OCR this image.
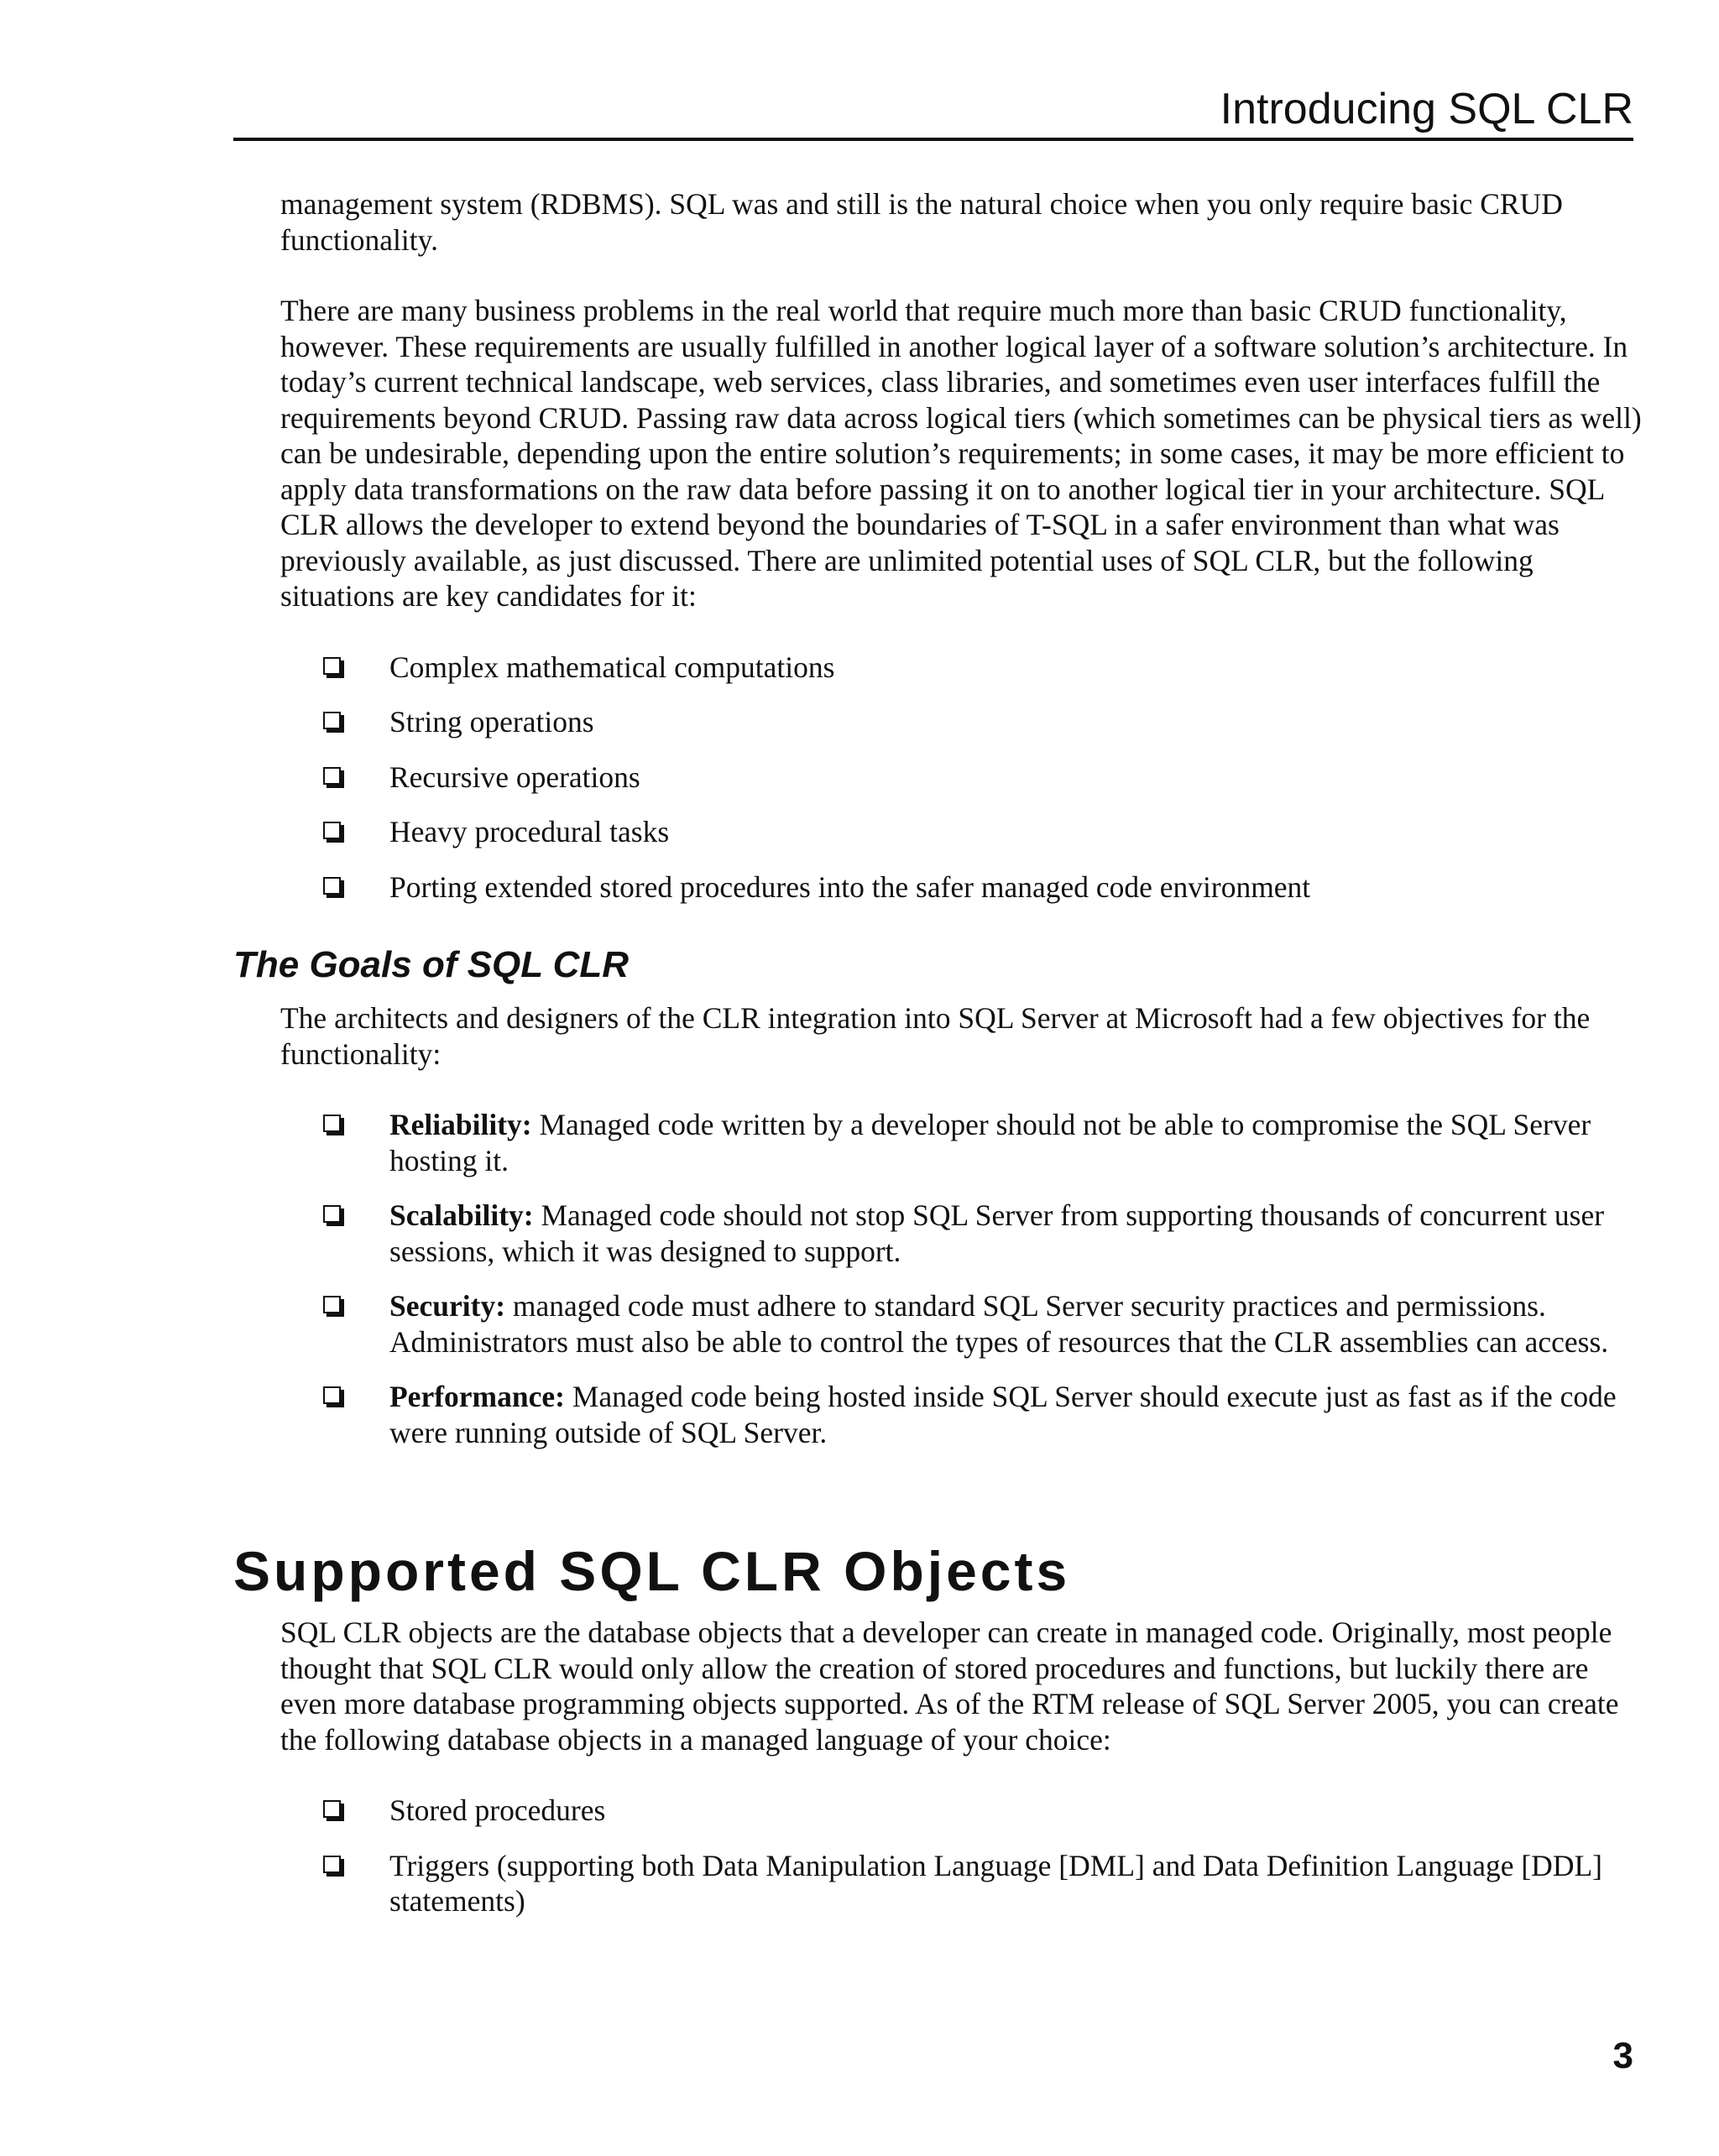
Introducing SQL CLR

management system (RDBMS). SQL was and still is the natural choice when you only require basic CRUD functionality.

There are many business problems in the real world that require much more than basic CRUD functionality, however. These requirements are usually fulfilled in another logical layer of a software solution’s architecture. In today’s current technical landscape, web services, class libraries, and sometimes even user interfaces fulfill the requirements beyond CRUD. Passing raw data across logical tiers (which sometimes can be physical tiers as well) can be undesirable, depending upon the entire solution’s requirements; in some cases, it may be more efficient to apply data transformations on the raw data before passing it on to another logical tier in your architecture. SQL CLR allows the developer to extend beyond the boundaries of T-SQL in a safer environment than what was previously available, as just discussed. There are unlimited potential uses of SQL CLR, but the following situations are key candidates for it:

Complex mathematical computations
String operations
Recursive operations
Heavy procedural tasks
Porting extended stored procedures into the safer managed code environment
The Goals of SQL CLR

The architects and designers of the CLR integration into SQL Server at Microsoft had a few objectives for the functionality:

Reliability: Managed code written by a developer should not be able to compromise the SQL Server hosting it.
Scalability: Managed code should not stop SQL Server from supporting thousands of concurrent user sessions, which it was designed to support.
Security: managed code must adhere to standard SQL Server security practices and permissions. Administrators must also be able to control the types of resources that the CLR assemblies can access.
Performance: Managed code being hosted inside SQL Server should execute just as fast as if the code were running outside of SQL Server.
Supported SQL CLR Objects

SQL CLR objects are the database objects that a developer can create in managed code. Originally, most people thought that SQL CLR would only allow the creation of stored procedures and functions, but luckily there are even more database programming objects supported. As of the RTM release of SQL Server 2005, you can create the following database objects in a managed language of your choice:

Stored procedures
Triggers (supporting both Data Manipulation Language [DML] and Data Definition Language [DDL] statements)
3
